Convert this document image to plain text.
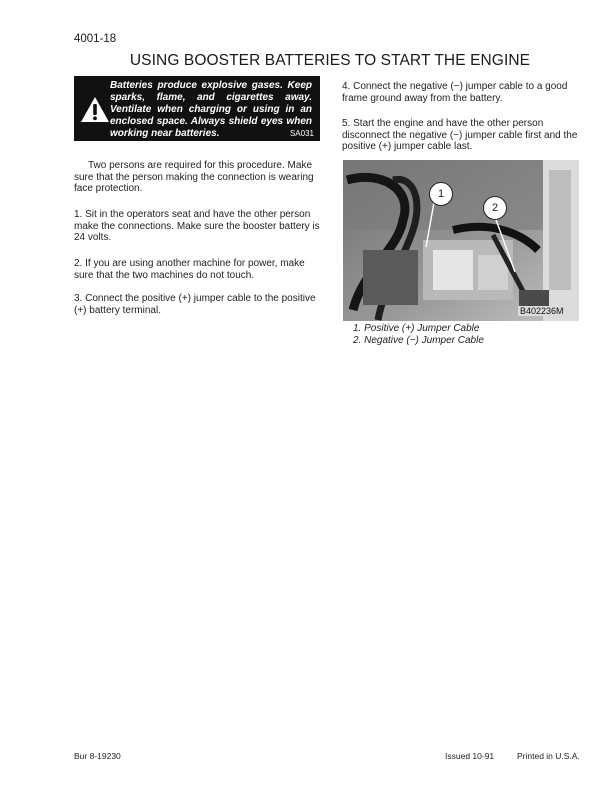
4001-18
USING BOOSTER BATTERIES TO START THE ENGINE
Batteries produce explosive gases. Keep sparks, flame, and cigarettes away. Ventilate when charging or using in an enclosed space. Always shield eyes when working near batteries.	SA031
Two persons are required for this procedure. Make sure that the person making the connection is wearing face protection.
1. Sit in the operators seat and have the other person make the connections. Make sure the booster battery is 24 volts.
2. If you are using another machine for power, make sure that the two machines do not touch.
3. Connect the positive (+) jumper cable to the positive (+) battery terminal.
4. Connect the negative (−) jumper cable to a good frame ground away from the battery.
5. Start the engine and have the other person disconnect the negative (−) jumper cable first and the positive (+) jumper cable last.
1
2
B402236M
1. Positive (+) Jumper Cable
2. Negative (−) Jumper Cable
Bur 8-19230	Issued 10-91	Printed in U.S.A.
